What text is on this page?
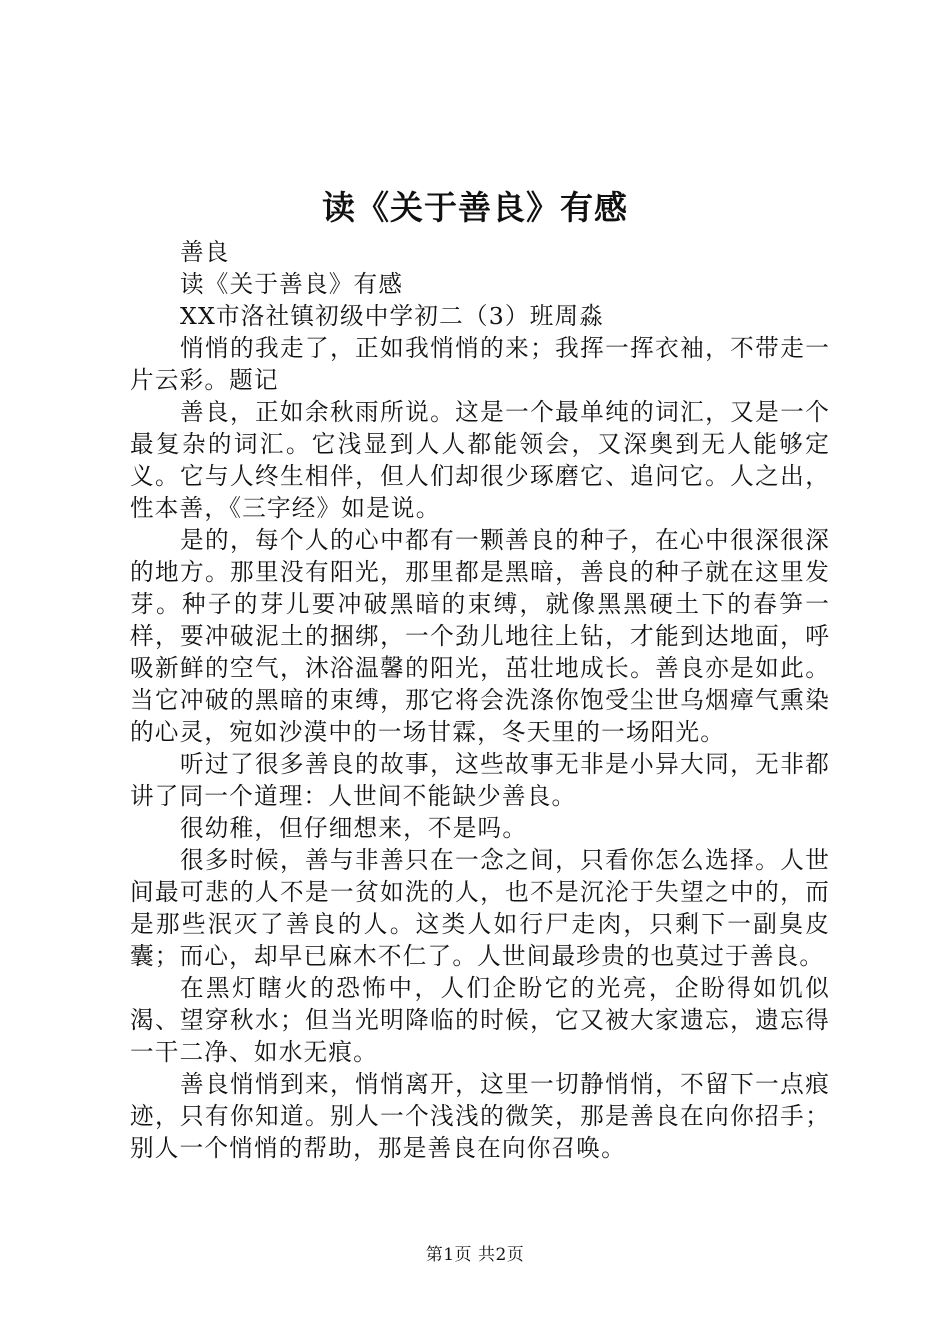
读《关于善良》有感

善良

读《关于善良》有感

XX市洛社镇初级中学初二（3）班周淼

悄悄的我走了，正如我悄悄的来；我挥一挥衣袖，不带走一片云彩。题记

善良，正如余秋雨所说。这是一个最单纯的词汇，又是一个最复杂的词汇。它浅显到人人都能领会，又深奥到无人能够定义。它与人终生相伴，但人们却很少琢磨它、追问它。人之出，性本善，《三字经》如是说。

是的，每个人的心中都有一颗善良的种子，在心中很深很深的地方。那里没有阳光，那里都是黑暗，善良的种子就在这里发芽。种子的芽儿要冲破黑暗的束缚，就像黑黑硬土下的春笋一样，要冲破泥土的捆绑，一个劲儿地往上钻，才能到达地面，呼吸新鲜的空气，沐浴温馨的阳光，茁壮地成长。善良亦是如此。当它冲破的黑暗的束缚，那它将会洗涤你饱受尘世乌烟瘴气熏染的心灵，宛如沙漠中的一场甘霖，冬天里的一场阳光。

听过了很多善良的故事，这些故事无非是小异大同，无非都讲了同一个道理：人世间不能缺少善良。

很幼稚，但仔细想来，不是吗。

很多时候，善与非善只在一念之间，只看你怎么选择。人世间最可悲的人不是一贫如洗的人，也不是沉沦于失望之中的，而是那些泯灭了善良的人。这类人如行尸走肉，只剩下一副臭皮囊；而心，却早已麻木不仁了。人世间最珍贵的也莫过于善良。

在黑灯瞎火的恐怖中，人们企盼它的光亮，企盼得如饥似渴、望穿秋水；但当光明降临的时候，它又被大家遗忘，遗忘得一干二净、如水无痕。

善良悄悄到来，悄悄离开，这里一切静悄悄，不留下一点痕迹，只有你知道。别人一个浅浅的微笑，那是善良在向你招手；别人一个悄悄的帮助，那是善良在向你召唤。

第1页 共2页
